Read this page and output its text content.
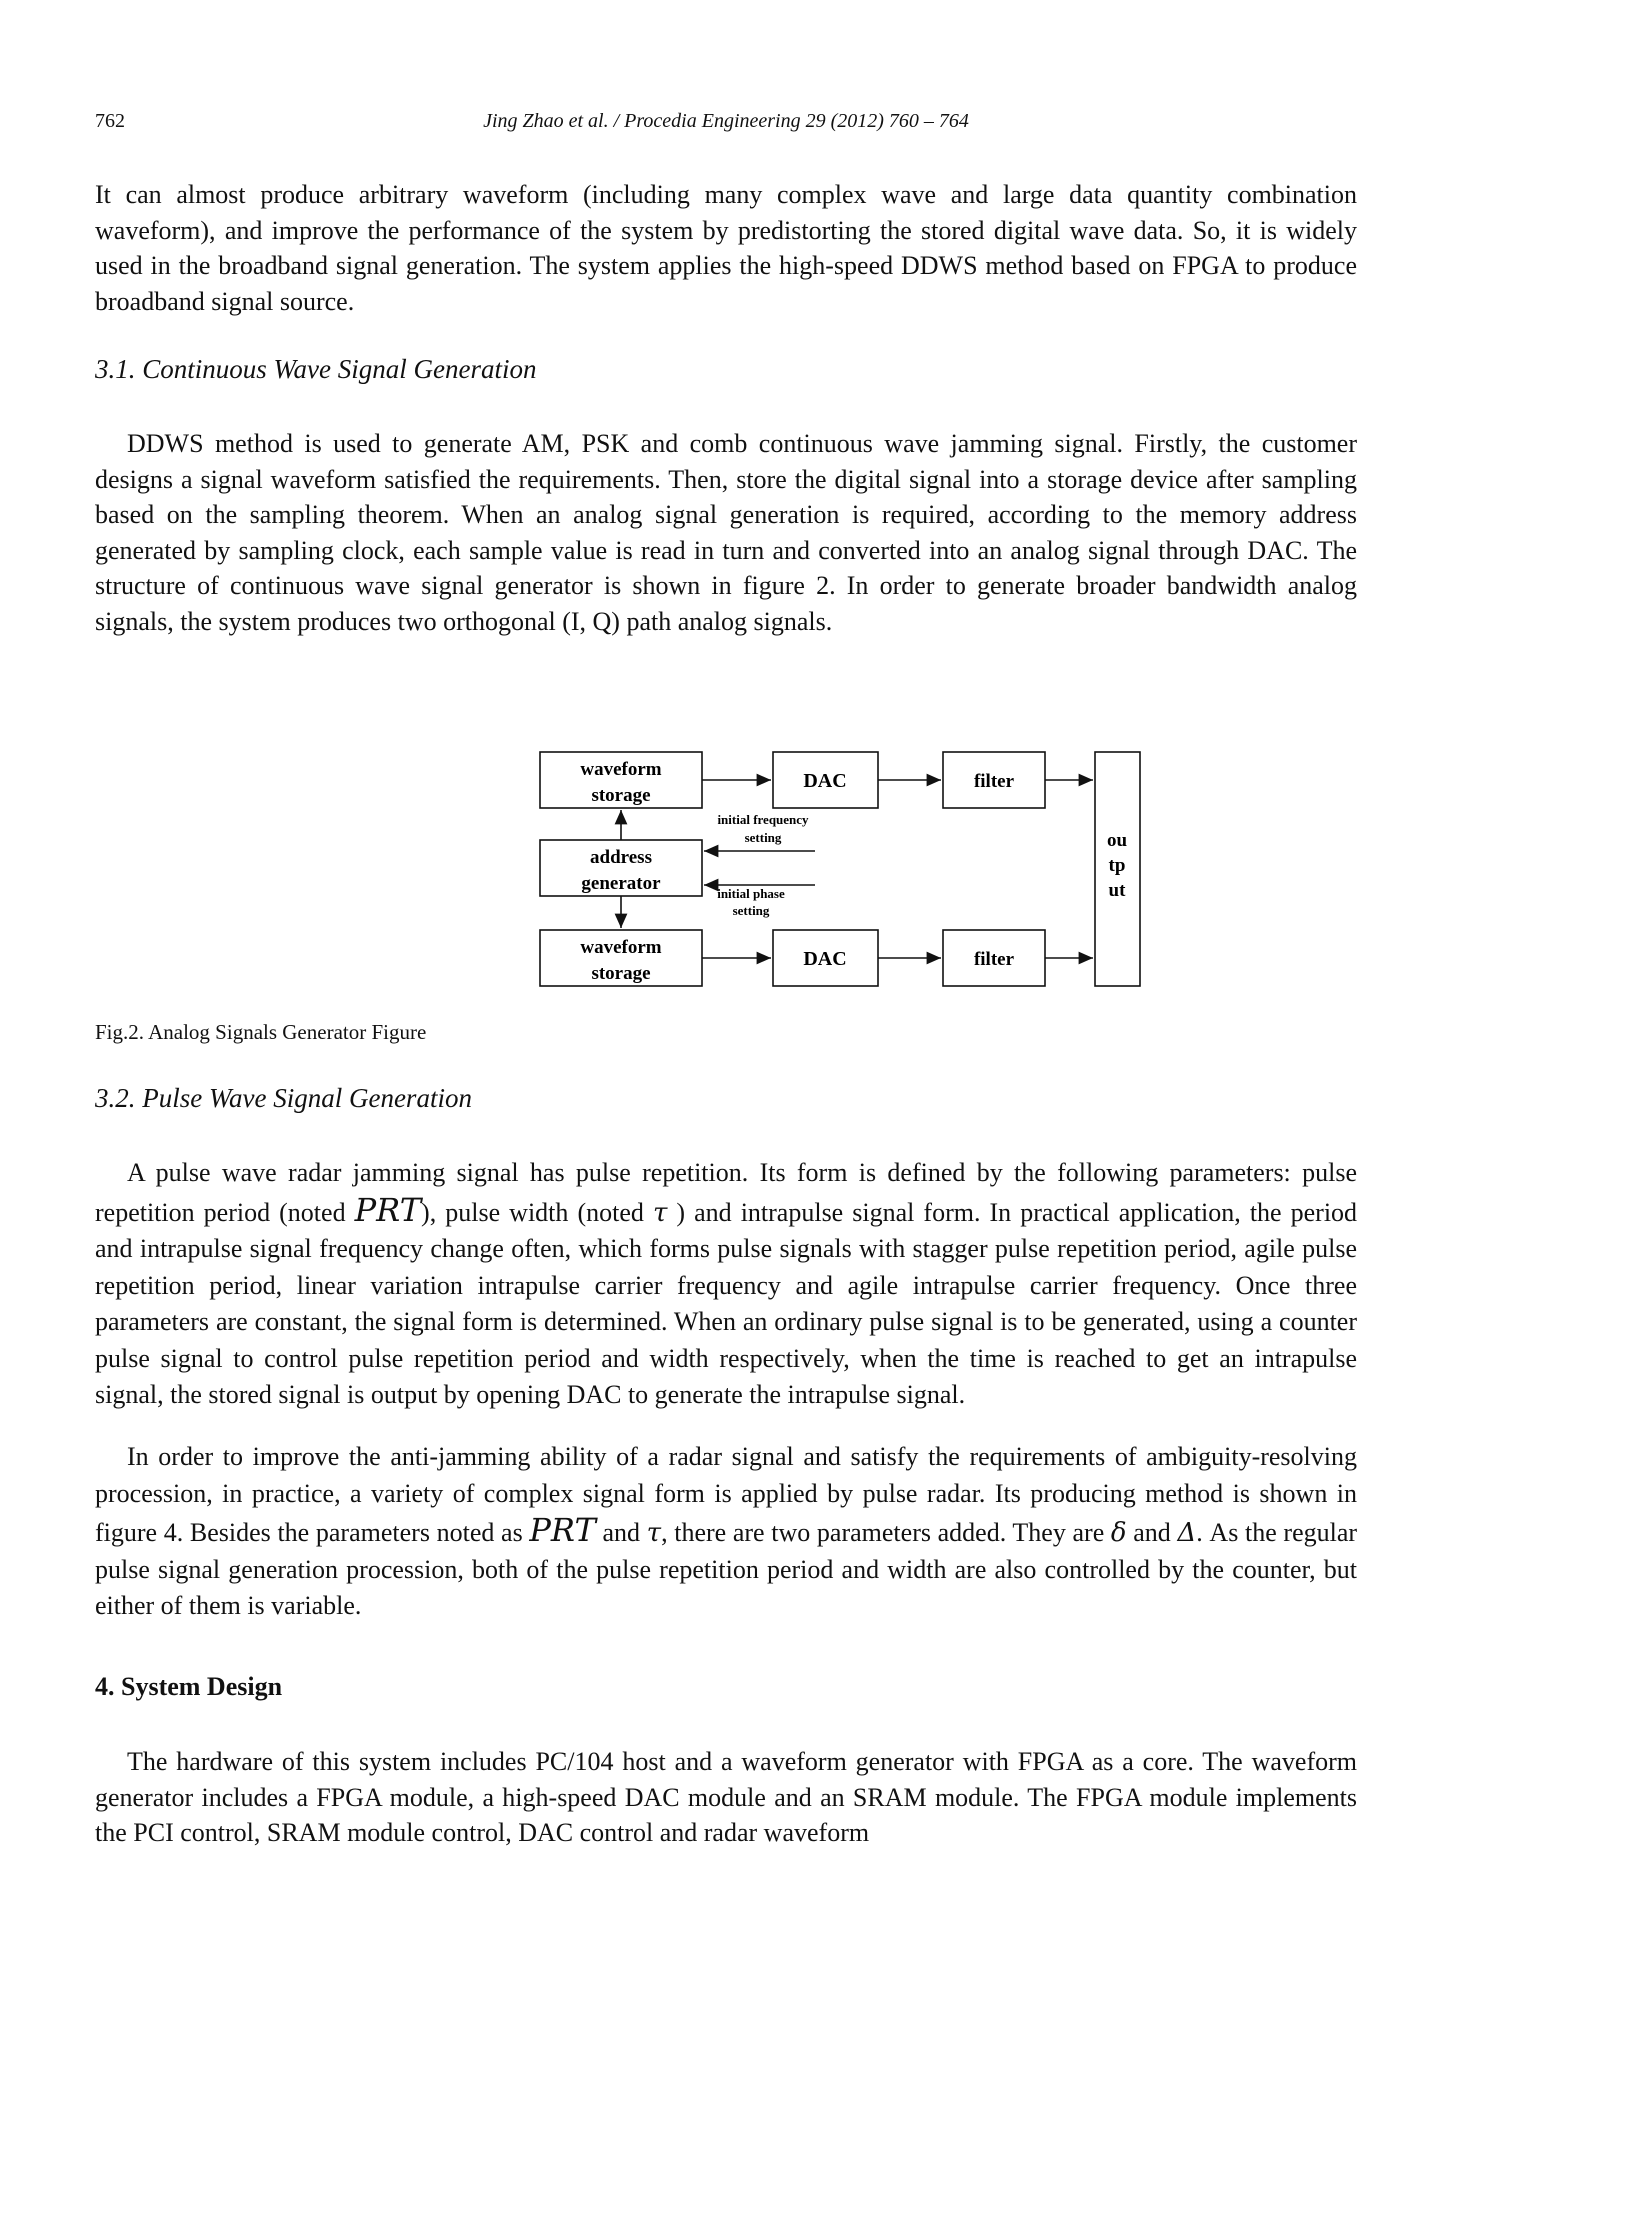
762	Jing Zhao et al. / Procedia Engineering 29 (2012) 760 – 764

It can almost produce arbitrary waveform (including many complex wave and large data quantity combination waveform), and improve the performance of the system by predistorting the stored digital wave data. So, it is widely used in the broadband signal generation. The system applies the high-speed DDWS method based on FPGA to produce broadband signal source.

3.1. Continuous Wave Signal Generation

DDWS method is used to generate AM, PSK and comb continuous wave jamming signal. Firstly, the customer designs a signal waveform satisfied the requirements. Then, store the digital signal into a storage device after sampling based on the sampling theorem. When an analog signal generation is required, according to the memory address generated by sampling clock, each sample value is read in turn and converted into an analog signal through DAC. The structure of continuous wave signal generator is shown in figure 2. In order to generate broader bandwidth analog signals, the system produces two orthogonal (I, Q) path analog signals.

waveform
storage
address
generator
waveform
storage
DAC
DAC
filter
filter
ou
tp
ut
initial frequency
setting
initial phase
setting
Fig.2. Analog Signals Generator Figure
3.2. Pulse Wave Signal Generation

A pulse wave radar jamming signal has pulse repetition. Its form is defined by the following parameters: pulse repetition period (noted PRT), pulse width (noted τ ) and intrapulse signal form. In practical application, the period and intrapulse signal frequency change often, which forms pulse signals with stagger pulse repetition period, agile pulse repetition period, linear variation intrapulse carrier frequency and agile intrapulse carrier frequency. Once three parameters are constant, the signal form is determined. When an ordinary pulse signal is to be generated, using a counter pulse signal to control pulse repetition period and width respectively, when the time is reached to get an intrapulse signal, the stored signal is output by opening DAC to generate the intrapulse signal.

In order to improve the anti-jamming ability of a radar signal and satisfy the requirements of ambiguity-resolving procession, in practice, a variety of complex signal form is applied by pulse radar. Its producing method is shown in figure 4. Besides the parameters noted as PRT and τ, there are two parameters added. They are δ and Δ. As the regular pulse signal generation procession, both of the pulse repetition period and width are also controlled by the counter, but either of them is variable.

4. System Design

The hardware of this system includes PC/104 host and a waveform generator with FPGA as a core. The waveform generator includes a FPGA module, a high-speed DAC module and an SRAM module. The FPGA module implements the PCI control, SRAM module control, DAC control and radar waveform
